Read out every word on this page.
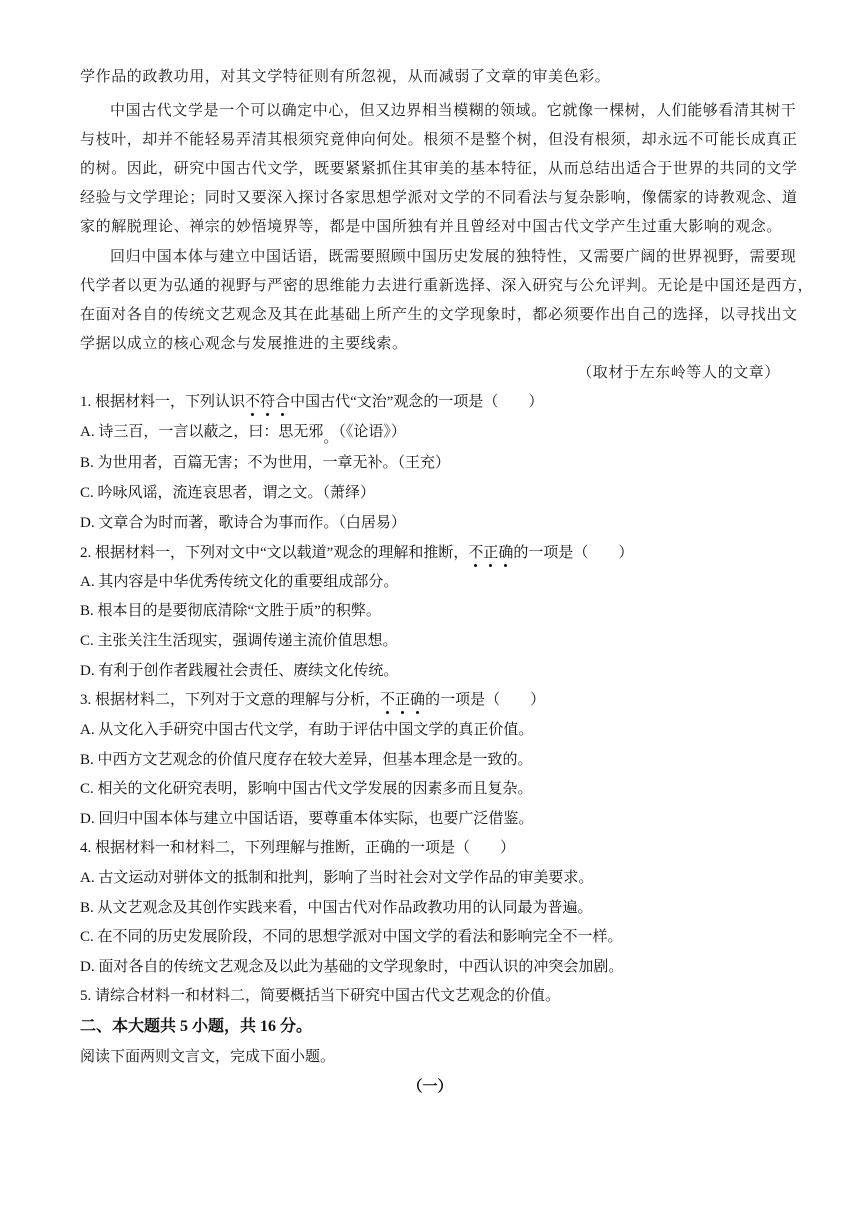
学作品的政教功用，对其文学特征则有所忽视，从而减弱了文章的审美色彩。
中国古代文学是一个可以确定中心，但又边界相当模糊的领域。它就像一棵树，人们能够看清其树干
与枝叶，却并不能轻易弄清其根须究竟伸向何处。根须不是整个树，但没有根须，却永远不可能长成真正
的树。因此，研究中国古代文学，既要紧紧抓住其审美的基本特征，从而总结出适合于世界的共同的文学
经验与文学理论；同时又要深入探讨各家思想学派对文学的不同看法与复杂影响，像儒家的诗教观念、道
家的解脱理论、禅宗的妙悟境界等，都是中国所独有并且曾经对中国古代文学产生过重大影响的观念。
回归中国本体与建立中国话语，既需要照顾中国历史发展的独特性，又需要广阔的世界视野，需要现
代学者以更为弘通的视野与严密的思维能力去进行重新选择、深入研究与公允评判。无论是中国还是西方，
在面对各自的传统文艺观念及其在此基础上所产生的文学现象时，都必须要作出自己的选择，以寻找出文
学据以成立的核心观念与发展推进的主要线索。
（取材于左东岭等人的文章）
1. 根据材料一，下列认识不符合中国古代“文治”观念的一项是（　　）
A. 诗三百，一言以蔽之，曰：思无邪。（《论语》）
B. 为世用者，百篇无害；不为世用，一章无补。（王充）
C. 吟咏风谣，流连哀思者，谓之文。（萧绎）
D. 文章合为时而著，歌诗合为事而作。（白居易）
2. 根据材料一，下列对文中“文以载道”观念的理解和推断，不正确的一项是（　　）
A. 其内容是中华优秀传统文化的重要组成部分。
B. 根本目的是要彻底清除“文胜于质”的积弊。
C. 主张关注生活现实，强调传递主流价值思想。
D. 有利于创作者践履社会责任、赓续文化传统。
3. 根据材料二，下列对于文意的理解与分析，不正确的一项是（　　）
A. 从文化入手研究中国古代文学，有助于评估中国文学的真正价值。
B. 中西方文艺观念的价值尺度存在较大差异，但基本理念是一致的。
C. 相关的文化研究表明，影响中国古代文学发展的因素多而且复杂。
D. 回归中国本体与建立中国话语，要尊重本体实际，也要广泛借鉴。
4. 根据材料一和材料二，下列理解与推断，正确的一项是（　　）
A. 古文运动对骈体文的抵制和批判，影响了当时社会对文学作品的审美要求。
B. 从文艺观念及其创作实践来看，中国古代对作品政教功用的认同最为普遍。
C. 在不同的历史发展阶段，不同的思想学派对中国文学的看法和影响完全不一样。
D. 面对各自的传统文艺观念及以此为基础的文学现象时，中西认识的冲突会加剧。
5. 请综合材料一和材料二，简要概括当下研究中国古代文艺观念的价值。
二、本大题共 5 小题，共 16 分。
阅读下面两则文言文，完成下面小题。
（一）
